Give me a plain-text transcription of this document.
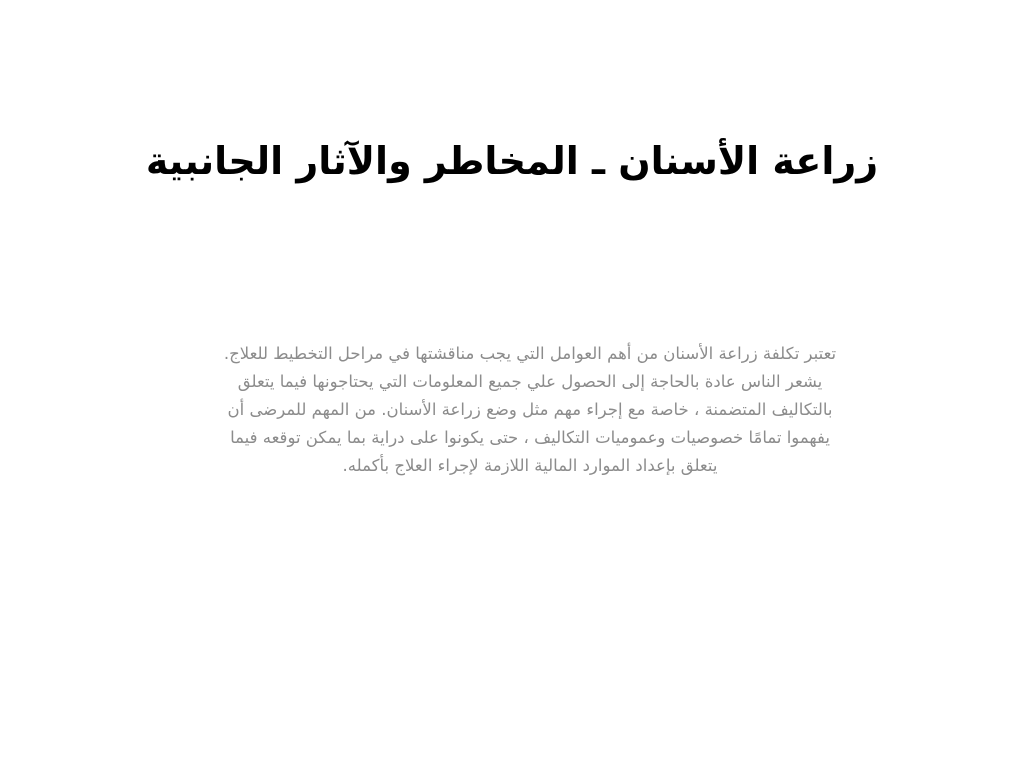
زراعة الأسنان ـ المخاطر والآثار الجانبية
تعتبر تكلفة زراعة الأسنان من أهم العوامل التي يجب مناقشتها في مراحل التخطيط للعلاج.
يشعر الناس عادة بالحاجة إلى الحصول علي جميع المعلومات التي يحتاجونها فيما يتعلق
بالتكاليف المتضمنة ، خاصة مع إجراء مهم مثل وضع زراعة الأسنان. من المهم للمرضى أن
يفهموا تمامًا خصوصيات وعموميات التكاليف ، حتى يكونوا على دراية بما يمكن توقعه فيما
يتعلق بإعداد الموارد المالية اللازمة لإجراء العلاج بأكمله.
